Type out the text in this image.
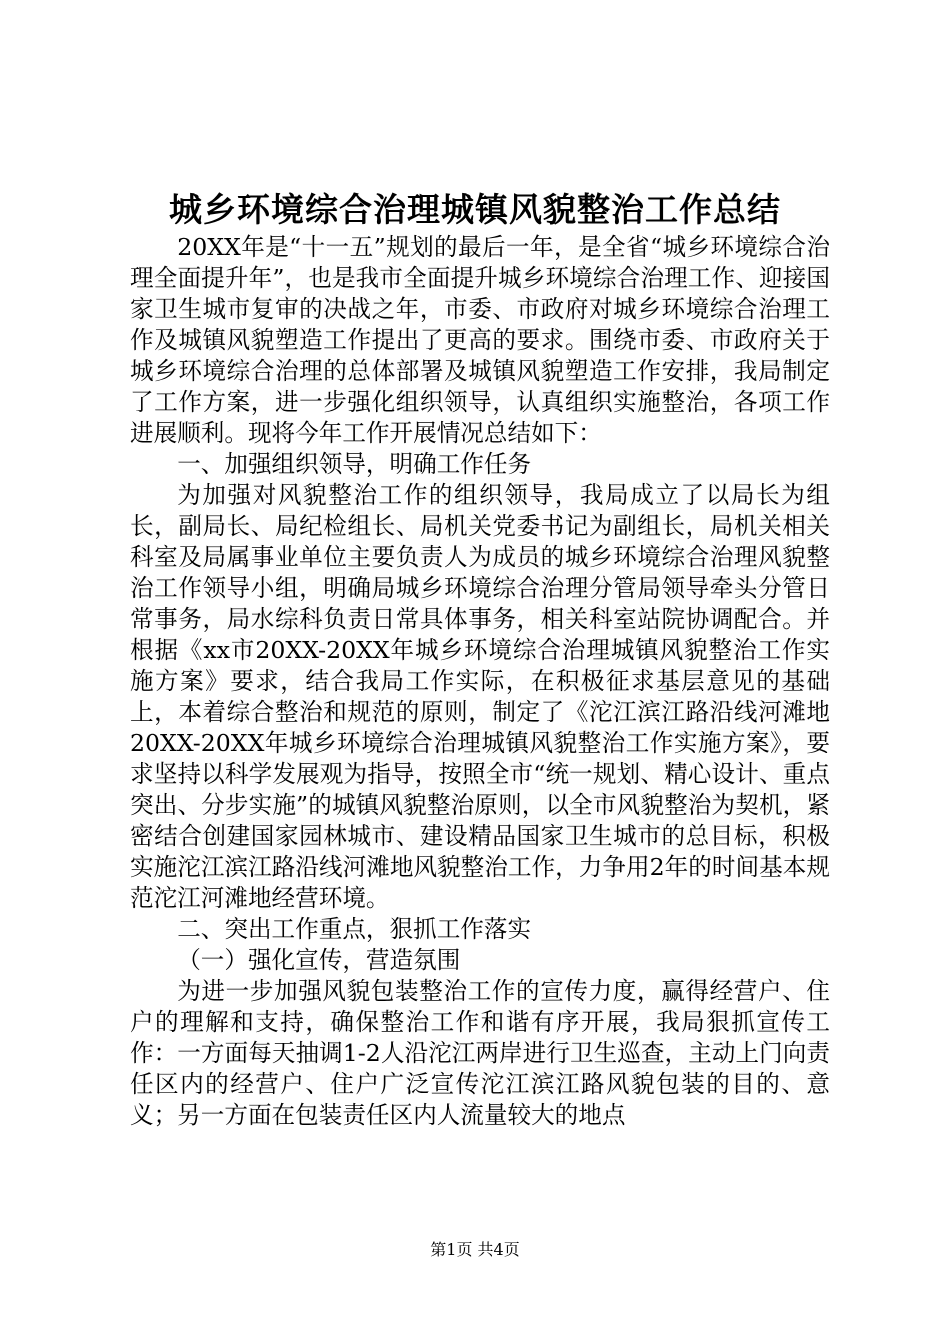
城乡环境综合治理城镇风貌整治工作总结

20XX年是“十一五”规划的最后一年，是全省“城乡环境综合治理全面提升年”，也是我市全面提升城乡环境综合治理工作、迎接国家卫生城市复审的决战之年，市委、市政府对城乡环境综合治理工作及城镇风貌塑造工作提出了更高的要求。围绕市委、市政府关于城乡环境综合治理的总体部署及城镇风貌塑造工作安排，我局制定了工作方案，进一步强化组织领导，认真组织实施整治，各项工作进展顺利。现将今年工作开展情况总结如下：

一、加强组织领导，明确工作任务

为加强对风貌整治工作的组织领导，我局成立了以局长为组长，副局长、局纪检组长、局机关党委书记为副组长，局机关相关科室及局属事业单位主要负责人为成员的城乡环境综合治理风貌整治工作领导小组，明确局城乡环境综合治理分管局领导牵头分管日常事务，局水综科负责日常具体事务，相关科室站院协调配合。并根据《xx市20XX-20XX年城乡环境综合治理城镇风貌整治工作实施方案》要求，结合我局工作实际，在积极征求基层意见的基础上，本着综合整治和规范的原则，制定了《沱江滨江路沿线河滩地20XX-20XX年城乡环境综合治理城镇风貌整治工作实施方案》，要求坚持以科学发展观为指导，按照全市“统一规划、精心设计、重点突出、分步实施”的城镇风貌整治原则，以全市风貌整治为契机，紧密结合创建国家园林城市、建设精品国家卫生城市的总目标，积极实施沱江滨江路沿线河滩地风貌整治工作，力争用2年的时间基本规范沱江河滩地经营环境。

二、突出工作重点，狠抓工作落实

（一）强化宣传，营造氛围

为进一步加强风貌包装整治工作的宣传力度，赢得经营户、住户的理解和支持，确保整治工作和谐有序开展，我局狠抓宣传工作：一方面每天抽调1-2人沿沱江两岸进行卫生巡查，主动上门向责任区内的经营户、住户广泛宣传沱江滨江路风貌包装的目的、意义；另一方面在包装责任区内人流量较大的地点

第1页 共4页
